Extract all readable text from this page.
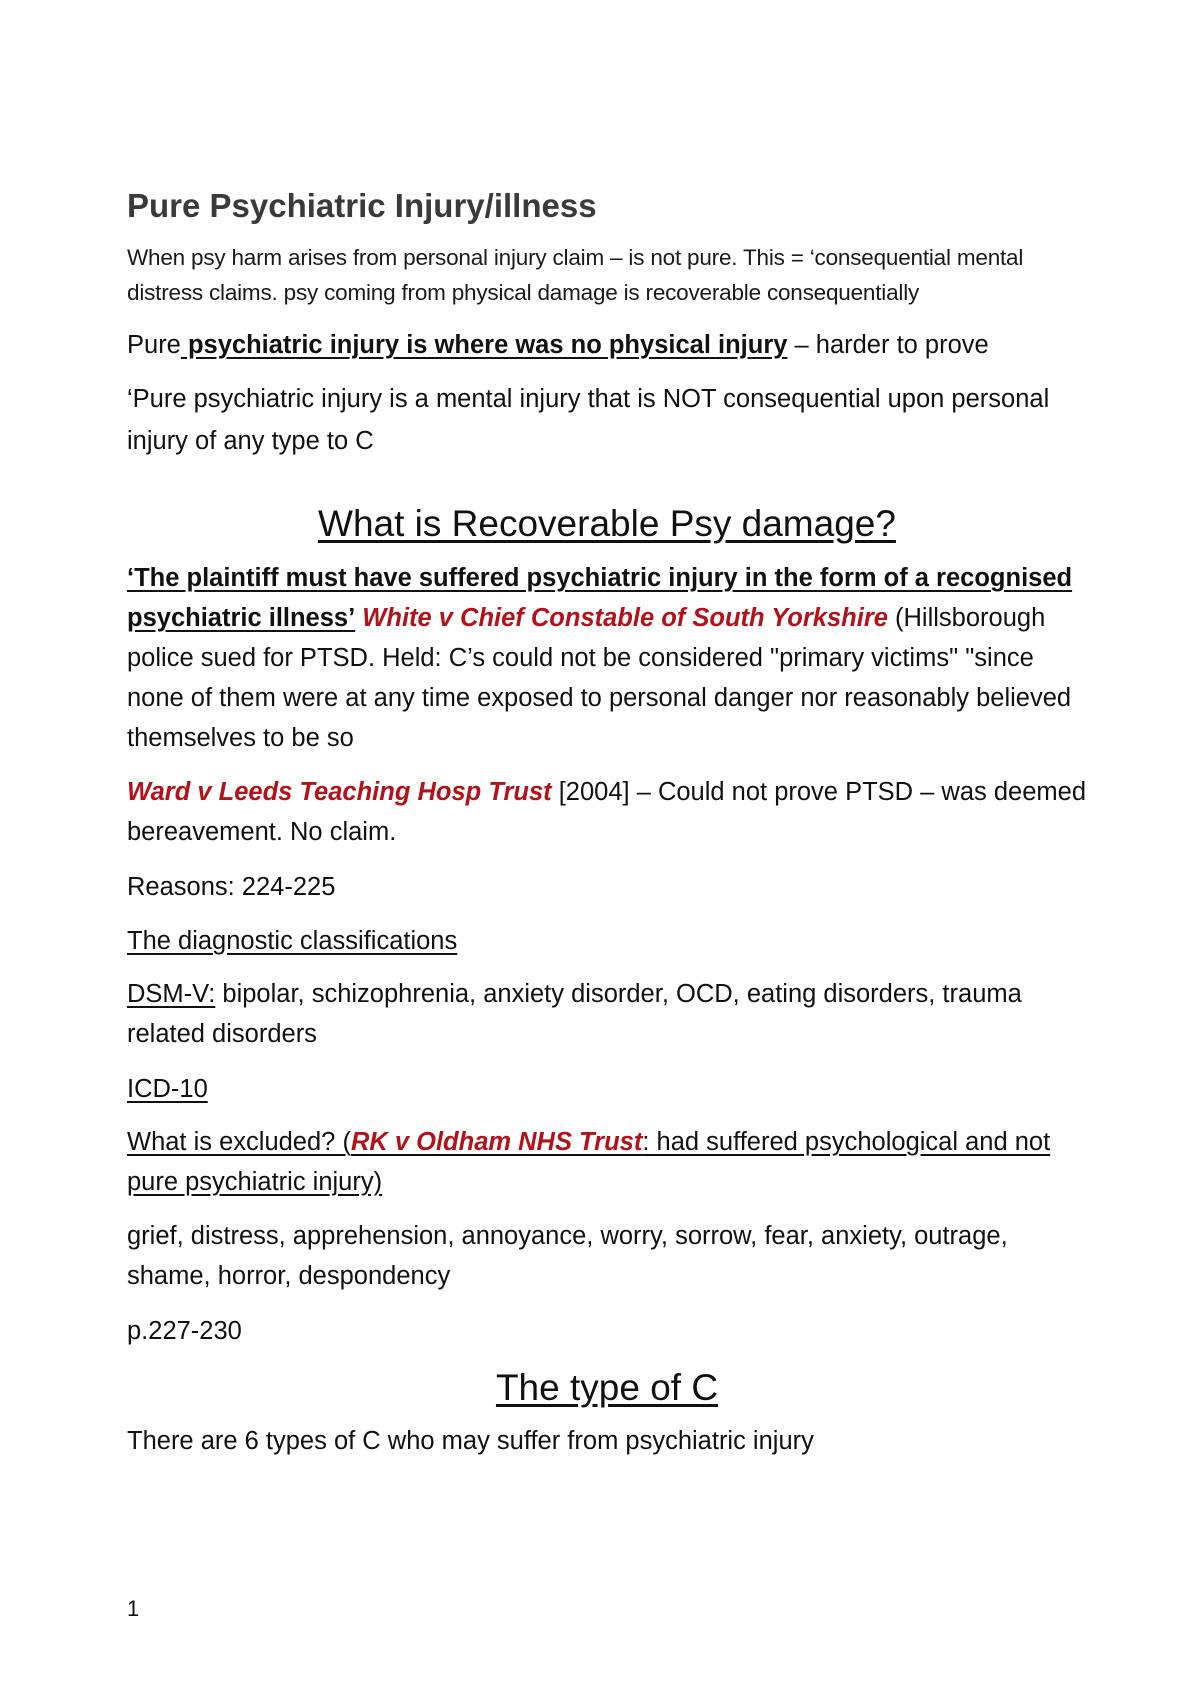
Pure Psychiatric Injury/illness

When psy harm arises from personal injury claim – is not pure. This = ‘consequential mental distress claims. psy coming from physical damage is recoverable consequentially

Pure psychiatric injury is where was no physical injury – harder to prove

‘Pure psychiatric injury is a mental injury that is NOT consequential upon personal injury of any type to C

What is Recoverable Psy damage?

‘The plaintiff must have suffered psychiatric injury in the form of a recognised psychiatric illness’ White v Chief Constable of South Yorkshire (Hillsborough police sued for PTSD. Held: C’s could not be considered "primary victims" "since none of them were at any time exposed to personal danger nor reasonably believed themselves to be so

Ward v Leeds Teaching Hosp Trust [2004] – Could not prove PTSD – was deemed bereavement. No claim.

Reasons: 224-225

The diagnostic classifications

DSM-V: bipolar, schizophrenia, anxiety disorder, OCD, eating disorders, trauma related disorders

ICD-10

What is excluded? (RK v Oldham NHS Trust: had suffered psychological and not pure psychiatric injury)

grief, distress, apprehension, annoyance, worry, sorrow, fear, anxiety, outrage, shame, horror, despondency

p.227-230

The type of C

There are 6 types of C who may suffer from psychiatric injury

1
